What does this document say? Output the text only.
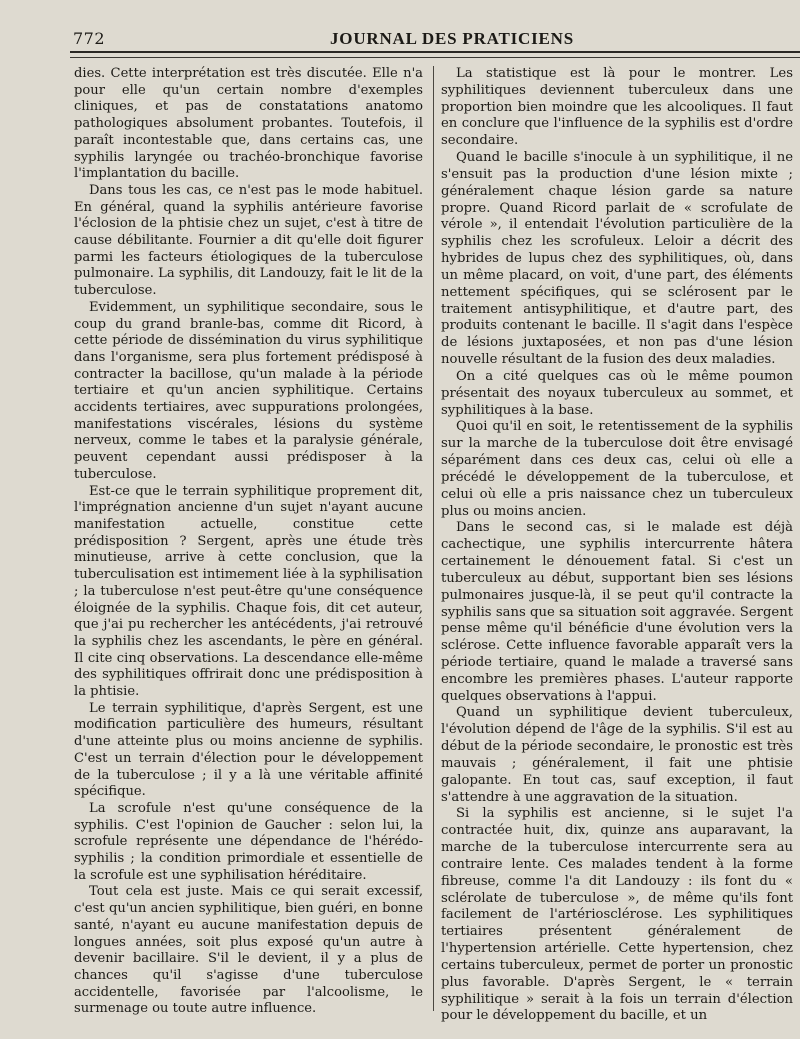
772	JOURNAL DES PRATICIENS

dies. Cette interprétation est très discutée. Elle n'a pour elle qu'un certain nombre d'exemples cliniques, et pas de constatations anatomo pathologiques absolument probantes. Toutefois, il paraît incontestable que, dans certains cas, une syphilis laryngée ou trachéo-bronchique favorise l'implantation du bacille.

Dans tous les cas, ce n'est pas le mode habituel. En général, quand la syphilis antérieure favorise l'éclosion de la phtisie chez un sujet, c'est à titre de cause débilitante. Fournier a dit qu'elle doit figurer parmi les facteurs étiologiques de la tuberculose pulmonaire. La syphilis, dit Landouzy, fait le lit de la tuberculose.

Evidemment, un syphilitique secondaire, sous le coup du grand branle-bas, comme dit Ricord, à cette période de dissémination du virus syphilitique dans l'organisme, sera plus fortement prédisposé à contracter la bacillose, qu'un malade à la période tertiaire et qu'un ancien syphilitique. Certains accidents tertiaires, avec suppurations prolongées, manifestations viscérales, lésions du système nerveux, comme le tabes et la paralysie générale, peuvent cependant aussi prédisposer à la tuberculose.

Est-ce que le terrain syphilitique proprement dit, l'imprégnation ancienne d'un sujet n'ayant aucune manifestation actuelle, constitue cette prédisposition ? Sergent, après une étude très minutieuse, arrive à cette conclusion, que la tuberculisation est intimement liée à la syphilisation ; la tuberculose n'est peut-être qu'une conséquence éloignée de la syphilis. Chaque fois, dit cet auteur, que j'ai pu rechercher les antécédents, j'ai retrouvé la syphilis chez les ascendants, le père en général. Il cite cinq observations. La descendance elle-même des syphilitiques offrirait donc une prédisposition à la phtisie.

Le terrain syphilitique, d'après Sergent, est une modification particulière des humeurs, résultant d'une atteinte plus ou moins ancienne de syphilis. C'est un terrain d'élection pour le développement de la tuberculose ; il y a là une véritable affinité spécifique.

La scrofule n'est qu'une conséquence de la syphilis. C'est l'opinion de Gaucher : selon lui, la scrofule représente une dépendance de l'hérédo-syphilis ; la condition primordiale et essentielle de la scrofule est une syphilisation héréditaire.

Tout cela est juste. Mais ce qui serait excessif, c'est qu'un ancien syphilitique, bien guéri, en bonne santé, n'ayant eu aucune manifestation depuis de longues années, soit plus exposé qu'un autre à devenir bacillaire. S'il le devient, il y a plus de chances qu'il s'agisse d'une tuberculose accidentelle, favorisée par l'alcoolisme, le surmenage ou toute autre influence.

La statistique est là pour le montrer. Les syphilitiques deviennent tuberculeux dans une proportion bien moindre que les alcooliques. Il faut en conclure que l'influence de la syphilis est d'ordre secondaire.

Quand le bacille s'inocule à un syphilitique, il ne s'ensuit pas la production d'une lésion mixte ; généralement chaque lésion garde sa nature propre. Quand Ricord parlait de « scrofulate de vérole », il entendait l'évolution particulière de la syphilis chez les scrofuleux. Leloir a décrit des hybrides de lupus chez des syphilitiques, où, dans un même placard, on voit, d'une part, des éléments nettement spécifiques, qui se sclérosent par le traitement antisyphilitique, et d'autre part, des produits contenant le bacille. Il s'agit dans l'espèce de lésions juxtaposées, et non pas d'une lésion nouvelle résultant de la fusion des deux maladies.

On a cité quelques cas où le même poumon présentait des noyaux tuberculeux au sommet, et syphilitiques à la base.

Quoi qu'il en soit, le retentissement de la syphilis sur la marche de la tuberculose doit être envisagé séparément dans ces deux cas, celui où elle a précédé le développement de la tuberculose, et celui où elle a pris naissance chez un tuberculeux plus ou moins ancien.

Dans le second cas, si le malade est déjà cachectique, une syphilis intercurrente hâtera certainement le dénouement fatal. Si c'est un tuberculeux au début, supportant bien ses lésions pulmonaires jusque-là, il se peut qu'il contracte la syphilis sans que sa situation soit aggravée. Sergent pense même qu'il bénéficie d'une évolution vers la sclérose. Cette influence favorable apparaît vers la période tertiaire, quand le malade a traversé sans encombre les premières phases. L'auteur rapporte quelques observations à l'appui.

Quand un syphilitique devient tuberculeux, l'évolution dépend de l'âge de la syphilis. S'il est au début de la période secondaire, le pronostic est très mauvais ; généralement, il fait une phtisie galopante. En tout cas, sauf exception, il faut s'attendre à une aggravation de la situation.

Si la syphilis est ancienne, si le sujet l'a contractée huit, dix, quinze ans auparavant, la marche de la tuberculose intercurrente sera au contraire lente. Ces malades tendent à la forme fibreuse, comme l'a dit Landouzy : ils font du « sclérolate de tuberculose », de même qu'ils font facilement de l'artériosclérose. Les syphilitiques tertiaires présentent généralement de l'hypertension artérielle. Cette hypertension, chez certains tuberculeux, permet de porter un pronostic plus favorable. D'après Sergent, le « terrain syphilitique » serait à la fois un terrain d'élection pour le développement du bacille, et un
